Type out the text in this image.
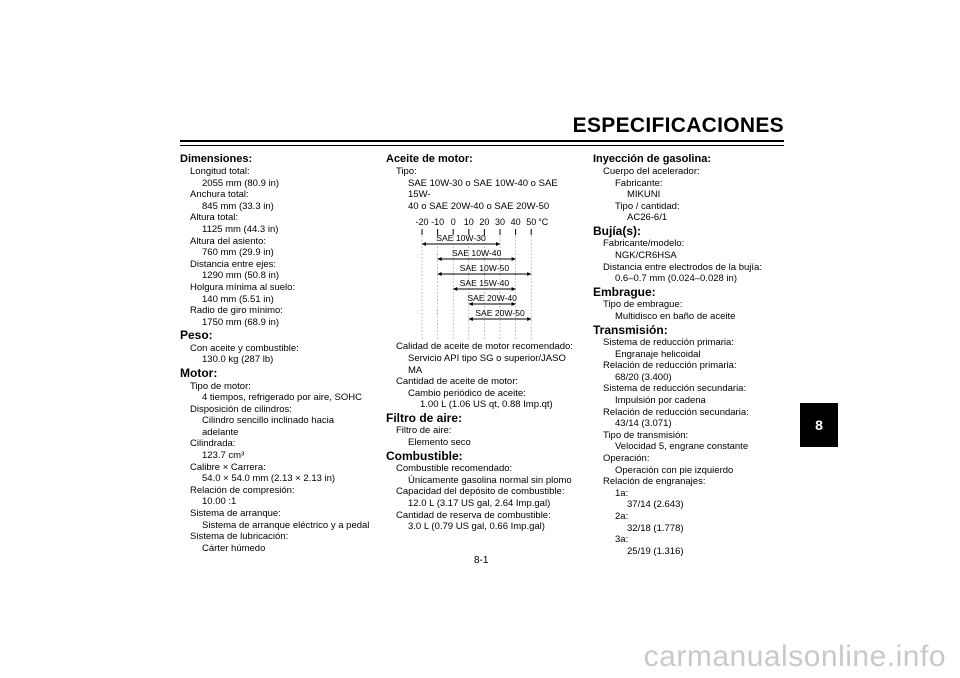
ESPECIFICACIONES
Dimensiones:
Longitud total:
2055 mm (80.9 in)
Anchura total:
845 mm (33.3 in)
Altura total:
1125 mm (44.3 in)
Altura del asiento:
760 mm (29.9 in)
Distancia entre ejes:
1290 mm (50.8 in)
Holgura mínima al suelo:
140 mm (5.51 in)
Radio de giro mínimo:
1750 mm (68.9 in)
Peso:
Con aceite y combustible:
130.0 kg (287 lb)
Motor:
Tipo de motor:
4 tiempos, refrigerado por aire, SOHC
Disposición de cilindros:
Cilindro sencillo inclinado hacia adelante
Cilindrada:
123.7 cm³
Calibre × Carrera:
54.0 × 54.0 mm (2.13 × 2.13 in)
Relación de compresión:
10.00 :1
Sistema de arranque:
Sistema de arranque eléctrico y a pedal
Sistema de lubricación:
Cárter húmedo
Aceite de motor:
Tipo:
SAE 10W-30 o SAE 10W-40 o SAE 15W-
40 o SAE 20W-40 o SAE 20W-50
-20 -10 0 10 20 30 40 50 °C
SAE 10W-30
SAE 10W-40
SAE 10W-50
SAE 15W-40
SAE 20W-40
SAE 20W-50
Calidad de aceite de motor recomendado:
Servicio API tipo SG o superior/JASO MA
Cantidad de aceite de motor:
Cambio periódico de aceite:
1.00 L (1.06 US qt, 0.88 Imp.qt)
Filtro de aire:
Filtro de aire:
Elemento seco
Combustible:
Combustible recomendado:
Únicamente gasolina normal sin plomo
Capacidad del depósito de combustible:
12.0 L (3.17 US gal, 2.64 Imp.gal)
Cantidad de reserva de combustible:
3.0 L (0.79 US gal, 0.66 Imp.gal)
Inyección de gasolina:
Cuerpo del acelerador:
Fabricante:
MIKUNI
Tipo / cantidad:
AC26-6/1
Bujía(s):
Fabricante/modelo:
NGK/CR6HSA
Distancia entre electrodos de la bujía:
0.6–0.7 mm (0.024–0.028 in)
Embrague:
Tipo de embrague:
Multidisco en baño de aceite
Transmisión:
Sistema de reducción primaria:
Engranaje helicoidal
Relación de reducción primaria:
68/20 (3.400)
Sistema de reducción secundaria:
Impulsión por cadena
Relación de reducción secundaria:
43/14 (3.071)
Tipo de transmisión:
Velocidad 5, engrane constante
Operación:
Operación con pie izquierdo
Relación de engranajes:
1a:
37/14 (2.643)
2a:
32/18 (1.778)
3a:
25/19 (1.316)
8
8-1
carmanualsonline.info
